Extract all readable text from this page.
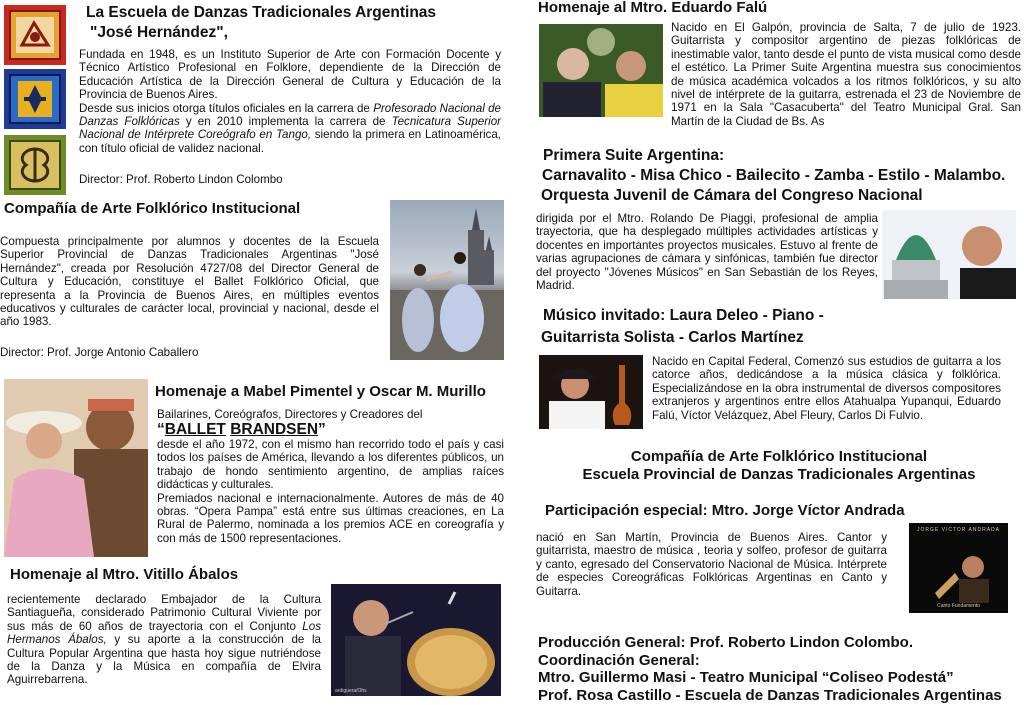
La Escuela de Danzas Tradicionales Argentinas
"José Hernández",
Fundada en 1948, es un Instituto Superior de Arte con Formación Docente y Técnico Artístico Profesional en Folklore, dependiente de la Dirección de Educación Artística de la Dirección General de Cultura y Educación de la Provincia de Buenos Aires.
Desde sus inicios otorga títulos oficiales en la carrera de Profesorado Nacional de Danzas Folklóricas y en 2010 implementa la carrera de Tecnicatura Superior Nacional de Intérprete Coreógrafo en Tango, siendo la primera en Latinoamérica, con título oficial de validez nacional.
Director: Prof. Roberto Lindon Colombo
Compañía de Arte Folklórico Institucional
Compuesta principalmente por alumnos y docentes de la Escuela Superior Provincial de Danzas Tradicionales Argentinas "José Hernández", creada por Resolución 4727/08 del Director General de Cultura y Educación, constituye el Ballet Folklórico Oficial, que representa a la Provincia de Buenos Aires, en múltiples eventos educativos y culturales de carácter local, provincial y nacional, desde el año 1983.
Director: Prof. Jorge Antonio Caballero
Homenaje a Mabel Pimentel y Oscar M. Murillo
Bailarines, Coreógrafos, Directores y Creadores del
“BALLET BRANDSEN”
desde el año 1972, con el mismo han recorrido todo el país y casi todos los países de América, llevando a los diferentes públicos, un trabajo de hondo sentimiento argentino, de amplias raíces didácticas y culturales.
Premiados nacional e internacionalmente. Autores de más de 40 obras. “Opera Pampa” está entre sus últimas creaciones, en La Rural de Palermo, nominada a los premios ACE en coreografía y con más de 1500 representaciones.
Homenaje al Mtro. Vitillo Ábalos
recientemente declarado Embajador de la Cultura Santiagueña, considerado Patrimonio Cultural Viviente por sus más de 60 años de trayectoria con el Conjunto Los Hermanos Ábalos, y su aporte a la construcción de la Cultura Popular Argentina que hasta hoy sigue nutriéndose de la Danza y la Música en compañía de Elvira Aguirrebarrena.
ardiguera/Ohs
Homenaje al Mtro. Eduardo Falú
Nacido en El Galpón, provincia de Salta, 7 de julio de 1923. Guitarrista y compositor argentino de piezas folklóricas de inestimable valor, tanto desde el punto de vista musical como desde el estético. La Primer Suite Argentina muestra sus conocimientos de música académica volcados a los ritmos folklóricos, y su alto nivel de intérprete de la guitarra, estrenada el 23 de Noviembre de 1971 en la Sala "Casacuberta" del Teatro Municipal Gral. San Martín de la Ciudad de Bs. As
Primera Suite Argentina:
Carnavalito - Misa Chico - Bailecito - Zamba - Estilo - Malambo.
Orquesta Juvenil de Cámara del Congreso Nacional
dirigida por el Mtro. Rolando De Piaggi, profesional de amplia trayectoria, que ha desplegado múltiples actividades artísticas y docentes en importantes proyectos musicales. Estuvo al frente de varias agrupaciones de cámara y sinfónicas, también fue director del proyecto "Jóvenes Músicos" en San Sebastián de los Reyes, Madrid.
Músico invitado: Laura Deleo - Piano -
Guitarrista Solista - Carlos Martínez
Nacido en Capital Federal, Comenzó sus estudios de guitarra a los catorce años, dedicándose a la música clásica y folklórica. Especializándose en la obra instrumental de diversos compositores extranjeros y argentinos entre ellos Atahualpa Yupanqui, Eduardo Falú, Víctor Velázquez, Abel Fleury, Carlos Di Fulvio.
Compañía de Arte Folklórico Institucional
Escuela Provincial de Danzas Tradicionales Argentinas
Participación especial: Mtro. Jorge Víctor Andrada
nació en San Martín, Provincia de Buenos Aires. Cantor y guitarrista, maestro de música , teoria y solfeo, profesor de guitarra y canto, egresado del Conservatorio Nacional de Música. Intérprete de especies Coreográficas Folklóricas Argentinas en Canto y Guitarra.
JORGE VICTOR ANDRADA
Canto Fundamento
Producción General: Prof. Roberto Lindon Colombo.
Coordinación General:
Mtro. Guillermo Masi - Teatro Municipal “Coliseo Podestá”
Prof. Rosa Castillo - Escuela de Danzas Tradicionales Argentinas
